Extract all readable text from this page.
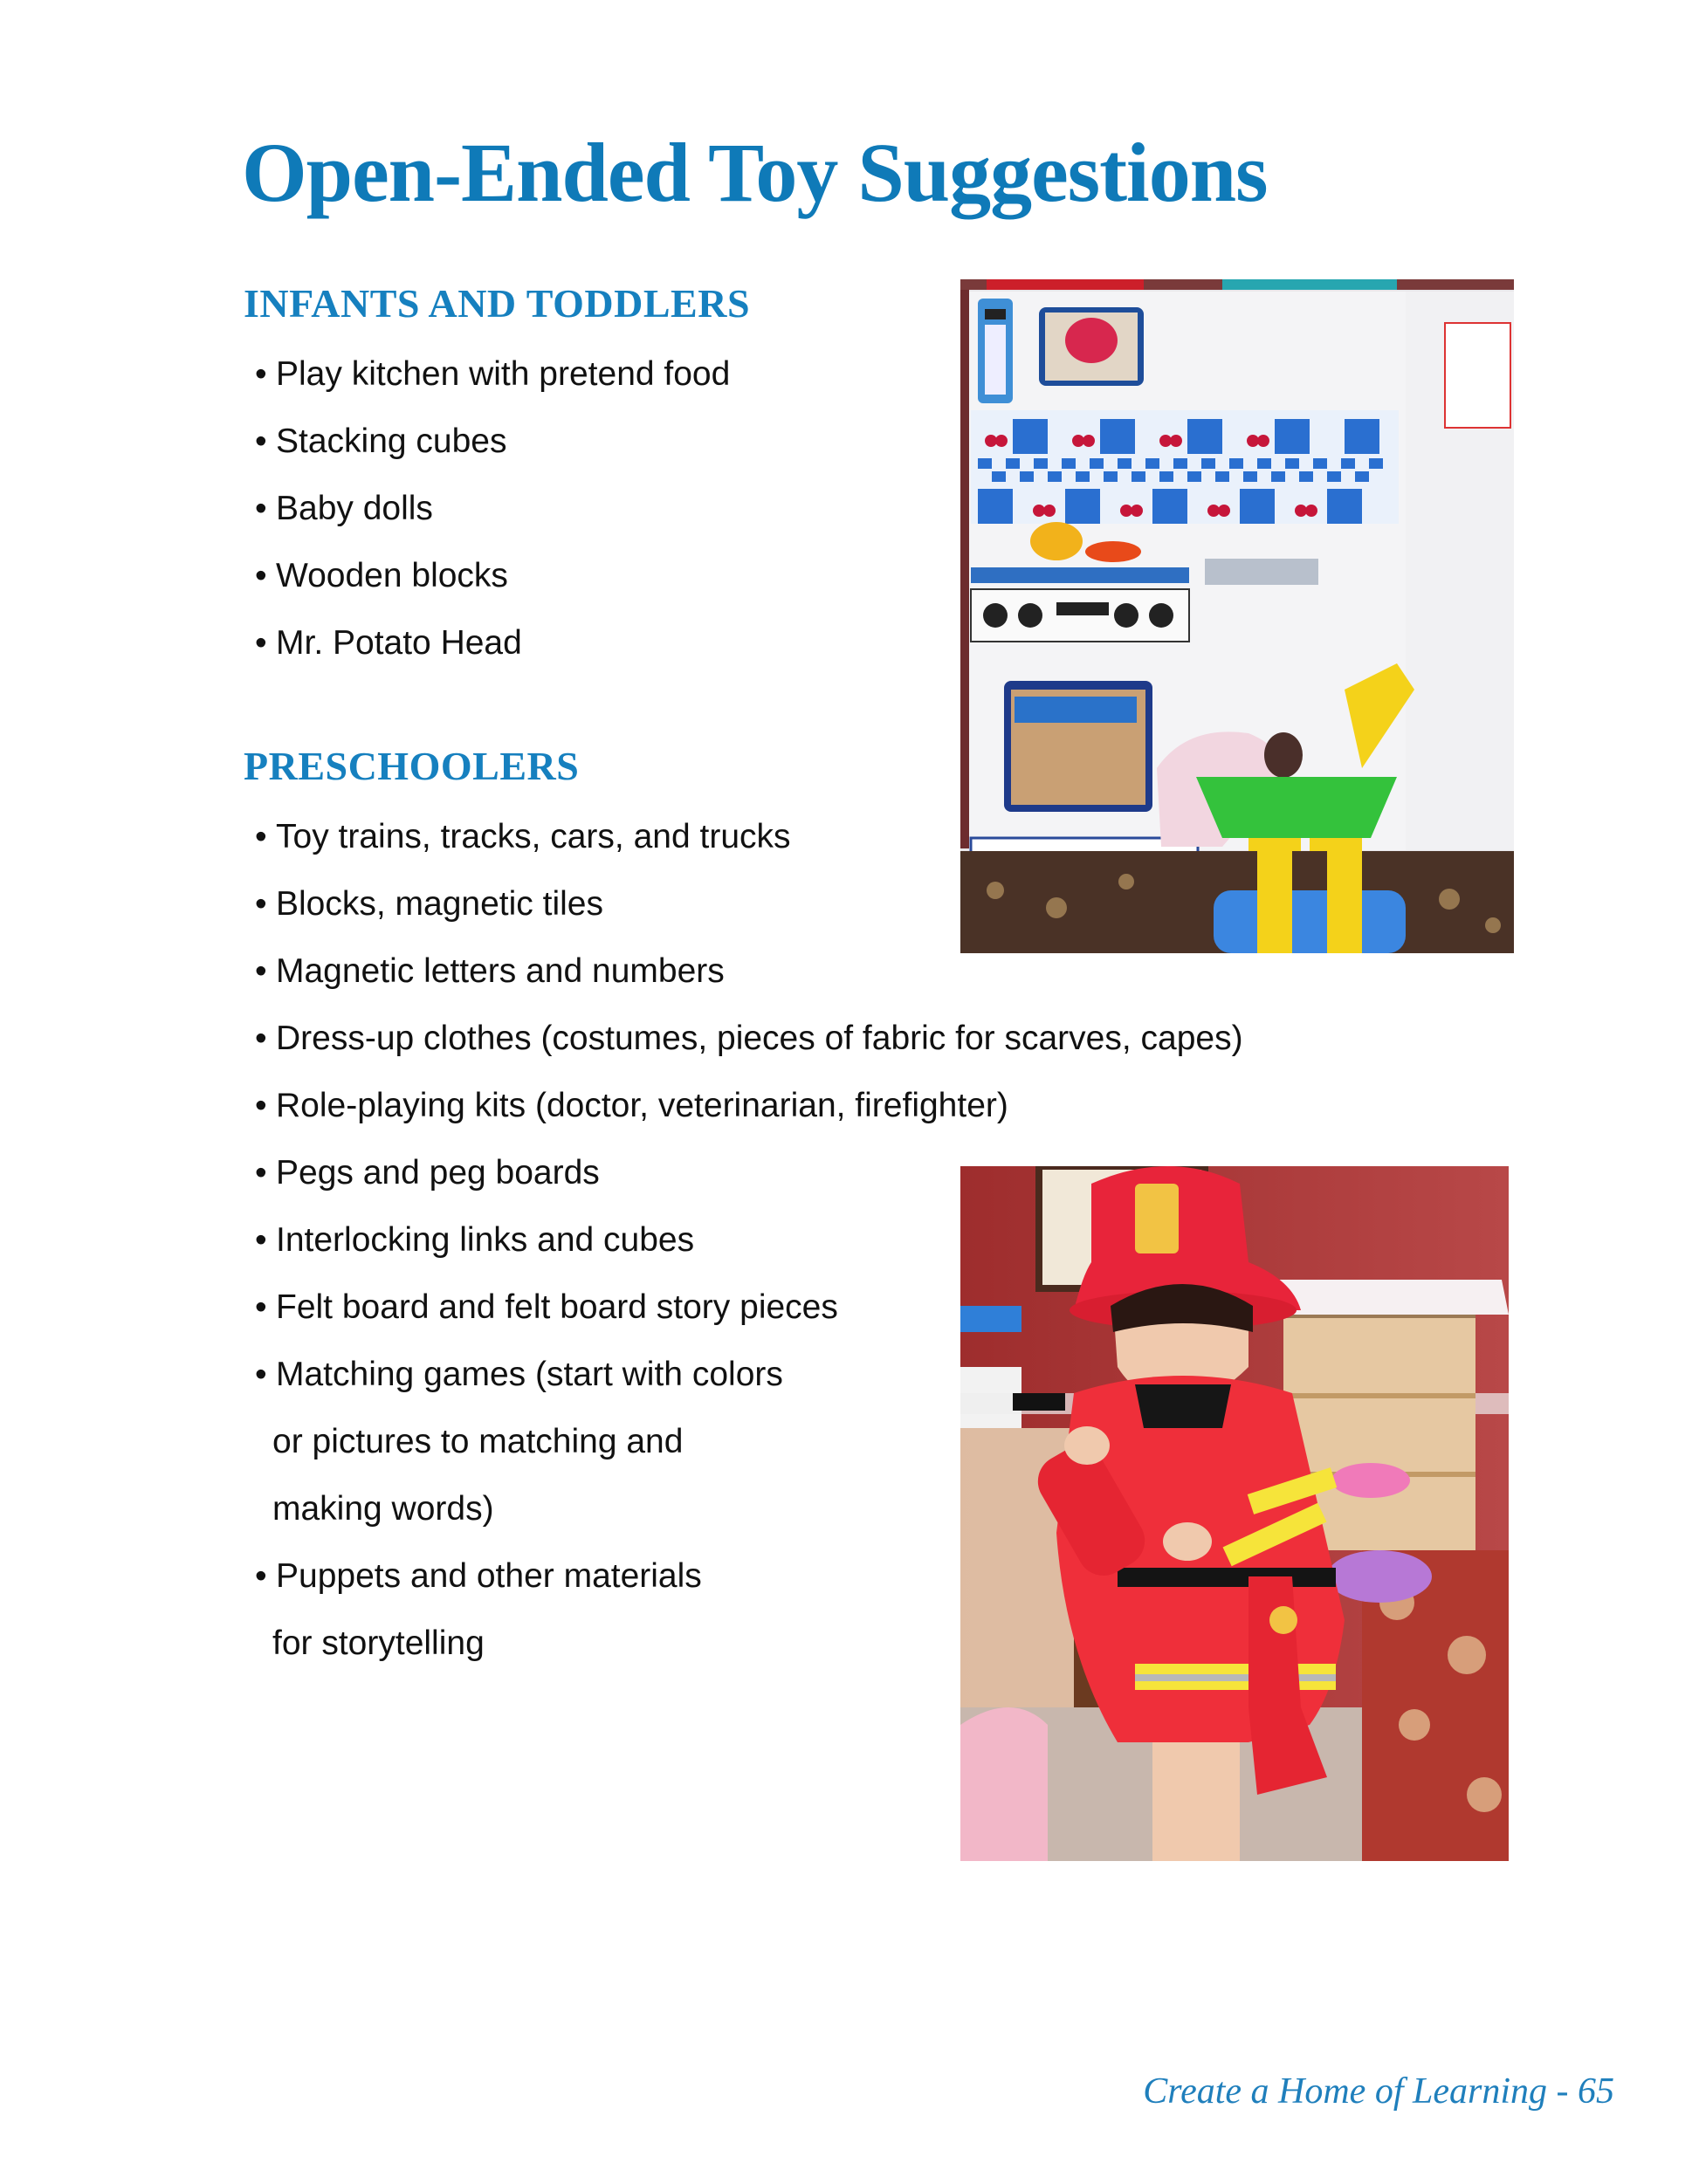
Open-Ended Toy Suggestions
INFANTS AND TODDLERS
• Play kitchen with pretend food
• Stacking cubes
• Baby dolls
• Wooden blocks
• Mr. Potato Head
PRESCHOOLERS
• Toy trains, tracks, cars, and trucks
• Blocks, magnetic tiles
• Magnetic letters and numbers
• Dress-up clothes (costumes, pieces of fabric for scarves, capes)
• Role-playing kits (doctor, veterinarian, firefighter)
• Pegs and peg boards
• Interlocking links and cubes
• Felt board and felt board story pieces
• Matching games (start with colors
or pictures to matching and
making words)
• Puppets and other materials
for storytelling
Create a Home of Learning - 65
